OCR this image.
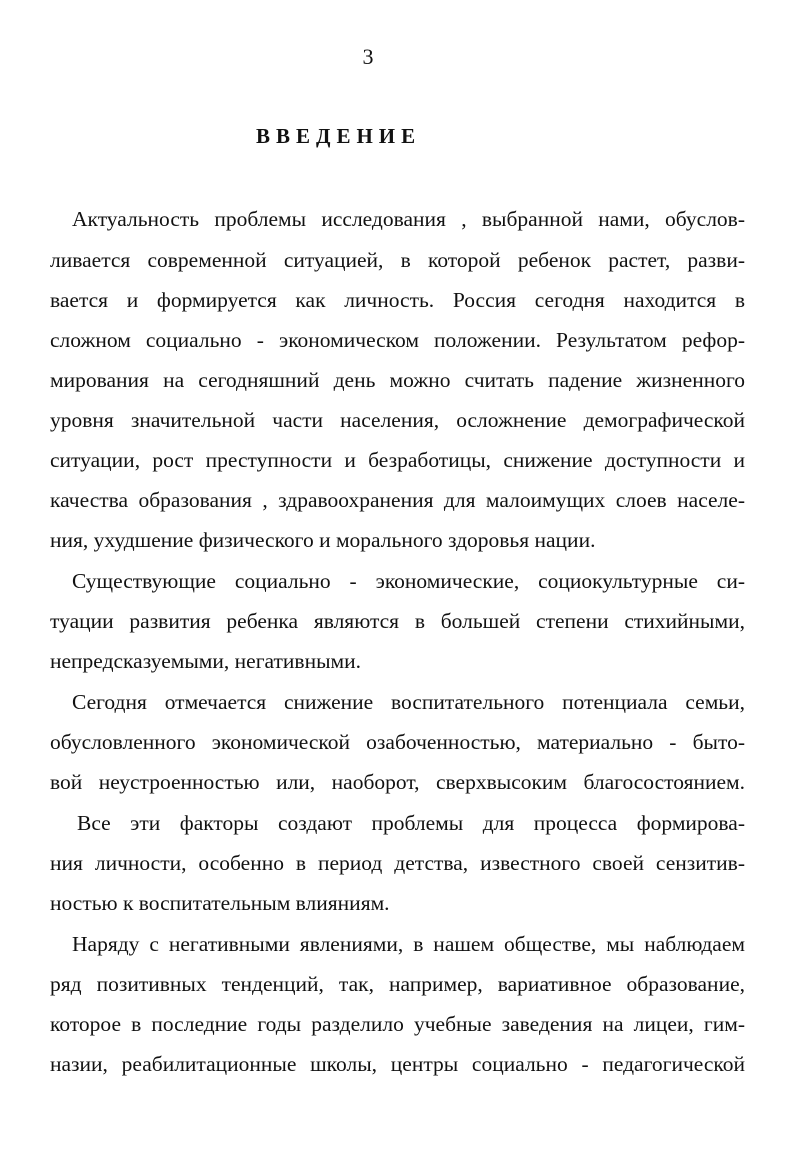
3
ВВЕДЕНИЕ
Актуальность проблемы исследования , выбранной нами, обуслов-
ливается современной ситуацией, в которой ребенок растет, разви-
вается и формируется как личность. Россия сегодня находится в
сложном социально - экономическом положении. Результатом рефор-
мирования на сегодняшний день можно считать падение жизненного
уровня значительной части населения, осложнение демографической
ситуации, рост преступности и безработицы, снижение доступности и
качества образования , здравоохранения для малоимущих слоев населе-
ния, ухудшение физического и морального здоровья нации.
Существующие социально - экономические, социокультурные си-
туации развития ребенка являются в большей степени стихийными,
непредсказуемыми, негативными.
Сегодня отмечается снижение воспитательного потенциала семьи,
обусловленного экономической озабоченностью, материально - быто-
вой неустроенностью или, наоборот, сверхвысоким благосостоянием.
Все эти факторы создают проблемы для процесса формирова-
ния личности, особенно в период детства, известного своей сензитив-
ностью к воспитательным влияниям.
Наряду с негативными явлениями, в нашем обществе, мы наблюдаем
ряд позитивных тенденций, так, например, вариативное образование,
которое в последние годы разделило учебные заведения на лицеи, гим-
назии, реабилитационные школы, центры социально - педагогической
